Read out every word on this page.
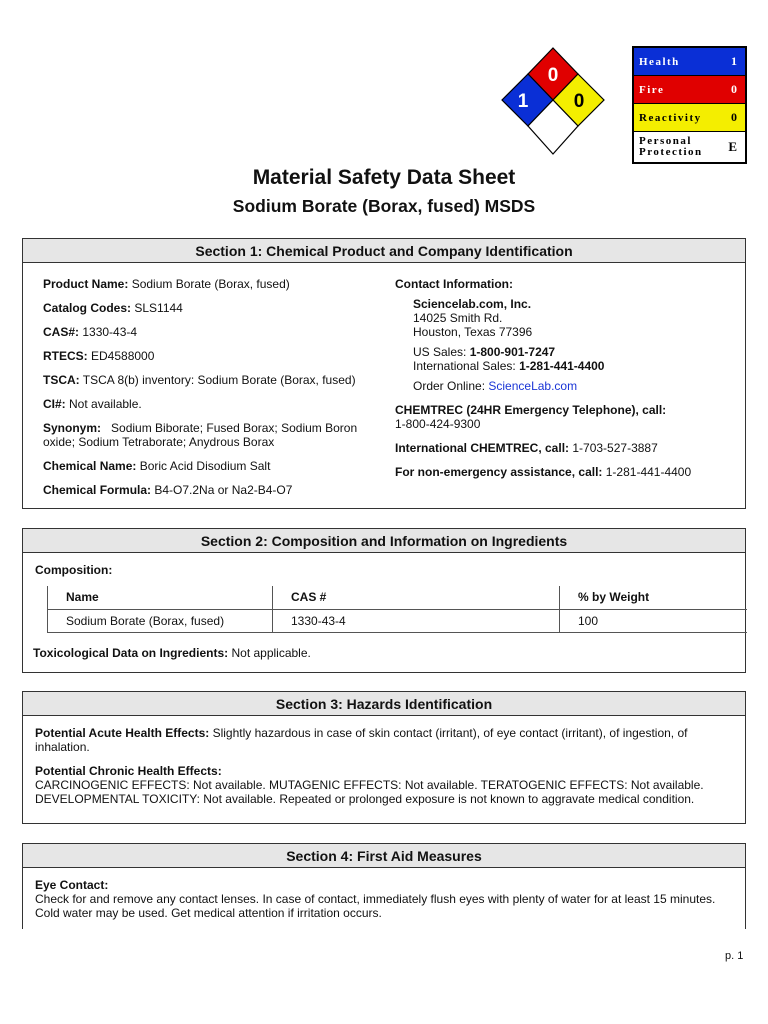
0
1 0
Health	1
Fire	0
Reactivity 0
Personal
Protection E
Material Safety Data Sheet
Sodium Borate (Borax, fused) MSDS
Section 1: Chemical Product and Company Identification
Product Name: Sodium Borate (Borax, fused)
Catalog Codes: SLS1144
CAS#: 1330-43-4
RTECS: ED4588000
TSCA: TSCA 8(b) inventory: Sodium Borate (Borax, fused)
CI#: Not available.
Synonym:   Sodium Biborate; Fused Borax; Sodium Boron oxide; Sodium Tetraborate; Anydrous Borax
Chemical Name: Boric Acid Disodium Salt
Chemical Formula: B4-O7.2Na or Na2-B4-O7
Contact Information:
Sciencelab.com, Inc.
14025 Smith Rd.
Houston, Texas 77396
US Sales: 1-800-901-7247
International Sales: 1-281-441-4400
Order Online: ScienceLab.com
CHEMTREC (24HR Emergency Telephone), call:
1-800-424-9300
International CHEMTREC, call: 1-703-527-3887
For non-emergency assistance, call: 1-281-441-4400
Section 2: Composition and Information on Ingredients
Composition:
Name	CAS #	% by Weight
Sodium Borate (Borax, fused)	1330-43-4	100
Toxicological Data on Ingredients: Not applicable.
Section 3: Hazards Identification
Potential Acute Health Effects: Slightly hazardous in case of skin contact (irritant), of eye contact (irritant), of ingestion, of inhalation.
Potential Chronic Health Effects:
CARCINOGENIC EFFECTS: Not available. MUTAGENIC EFFECTS: Not available. TERATOGENIC EFFECTS: Not available. DEVELOPMENTAL TOXICITY: Not available. Repeated or prolonged exposure is not known to aggravate medical condition.
Section 4: First Aid Measures
Eye Contact:
Check for and remove any contact lenses. In case of contact, immediately flush eyes with plenty of water for at least 15 minutes. Cold water may be used. Get medical attention if irritation occurs.
p. 1
